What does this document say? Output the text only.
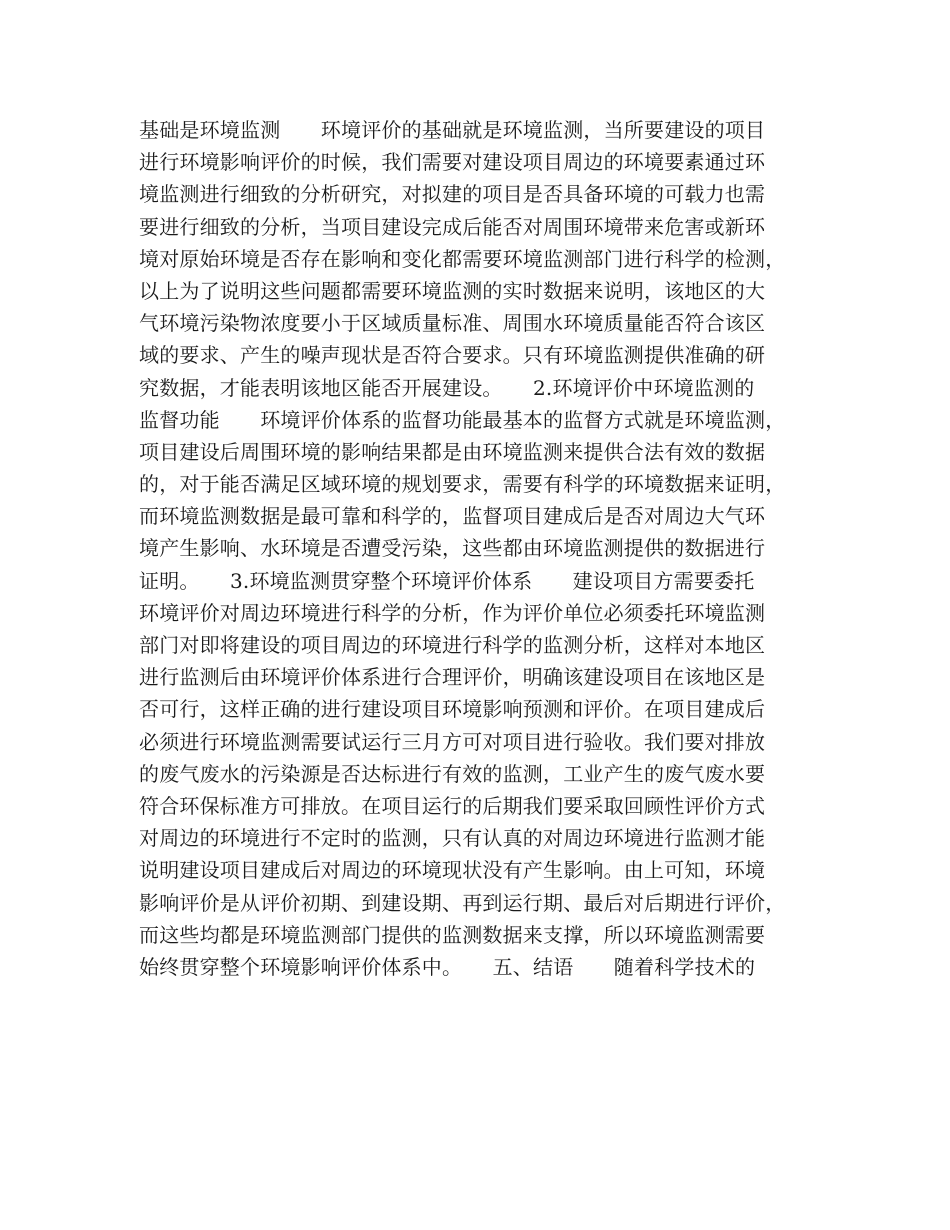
基础是环境监测　　环境评价的基础就是环境监测，当所要建设的项目
进行环境影响评价的时候，我们需要对建设项目周边的环境要素通过环
境监测进行细致的分析研究，对拟建的项目是否具备环境的可载力也需
要进行细致的分析，当项目建设完成后能否对周围环境带来危害或新环
境对原始环境是否存在影响和变化都需要环境监测部门进行科学的检测，
以上为了说明这些问题都需要环境监测的实时数据来说明，该地区的大
气环境污染物浓度要小于区域质量标准、周围水环境质量能否符合该区
域的要求、产生的噪声现状是否符合要求。只有环境监测提供准确的研
究数据，才能表明该地区能否开展建设。　　2.环境评价中环境监测的
监督功能　　环境评价体系的监督功能最基本的监督方式就是环境监测，
项目建设后周围环境的影响结果都是由环境监测来提供合法有效的数据
的，对于能否满足区域环境的规划要求，需要有科学的环境数据来证明，
而环境监测数据是最可靠和科学的，监督项目建成后是否对周边大气环
境产生影响、水环境是否遭受污染，这些都由环境监测提供的数据进行
证明。　　3.环境监测贯穿整个环境评价体系　　建设项目方需要委托
环境评价对周边环境进行科学的分析，作为评价单位必须委托环境监测
部门对即将建设的项目周边的环境进行科学的监测分析，这样对本地区
进行监测后由环境评价体系进行合理评价，明确该建设项目在该地区是
否可行，这样正确的进行建设项目环境影响预测和评价。在项目建成后
必须进行环境监测需要试运行三月方可对项目进行验收。我们要对排放
的废气废水的污染源是否达标进行有效的监测，工业产生的废气废水要
符合环保标准方可排放。在项目运行的后期我们要采取回顾性评价方式
对周边的环境进行不定时的监测，只有认真的对周边环境进行监测才能
说明建设项目建成后对周边的环境现状没有产生影响。由上可知，环境
影响评价是从评价初期、到建设期、再到运行期、最后对后期进行评价，
而这些均都是环境监测部门提供的监测数据来支撑，所以环境监测需要
始终贯穿整个环境影响评价体系中。　　五、结语　　随着科学技术的
